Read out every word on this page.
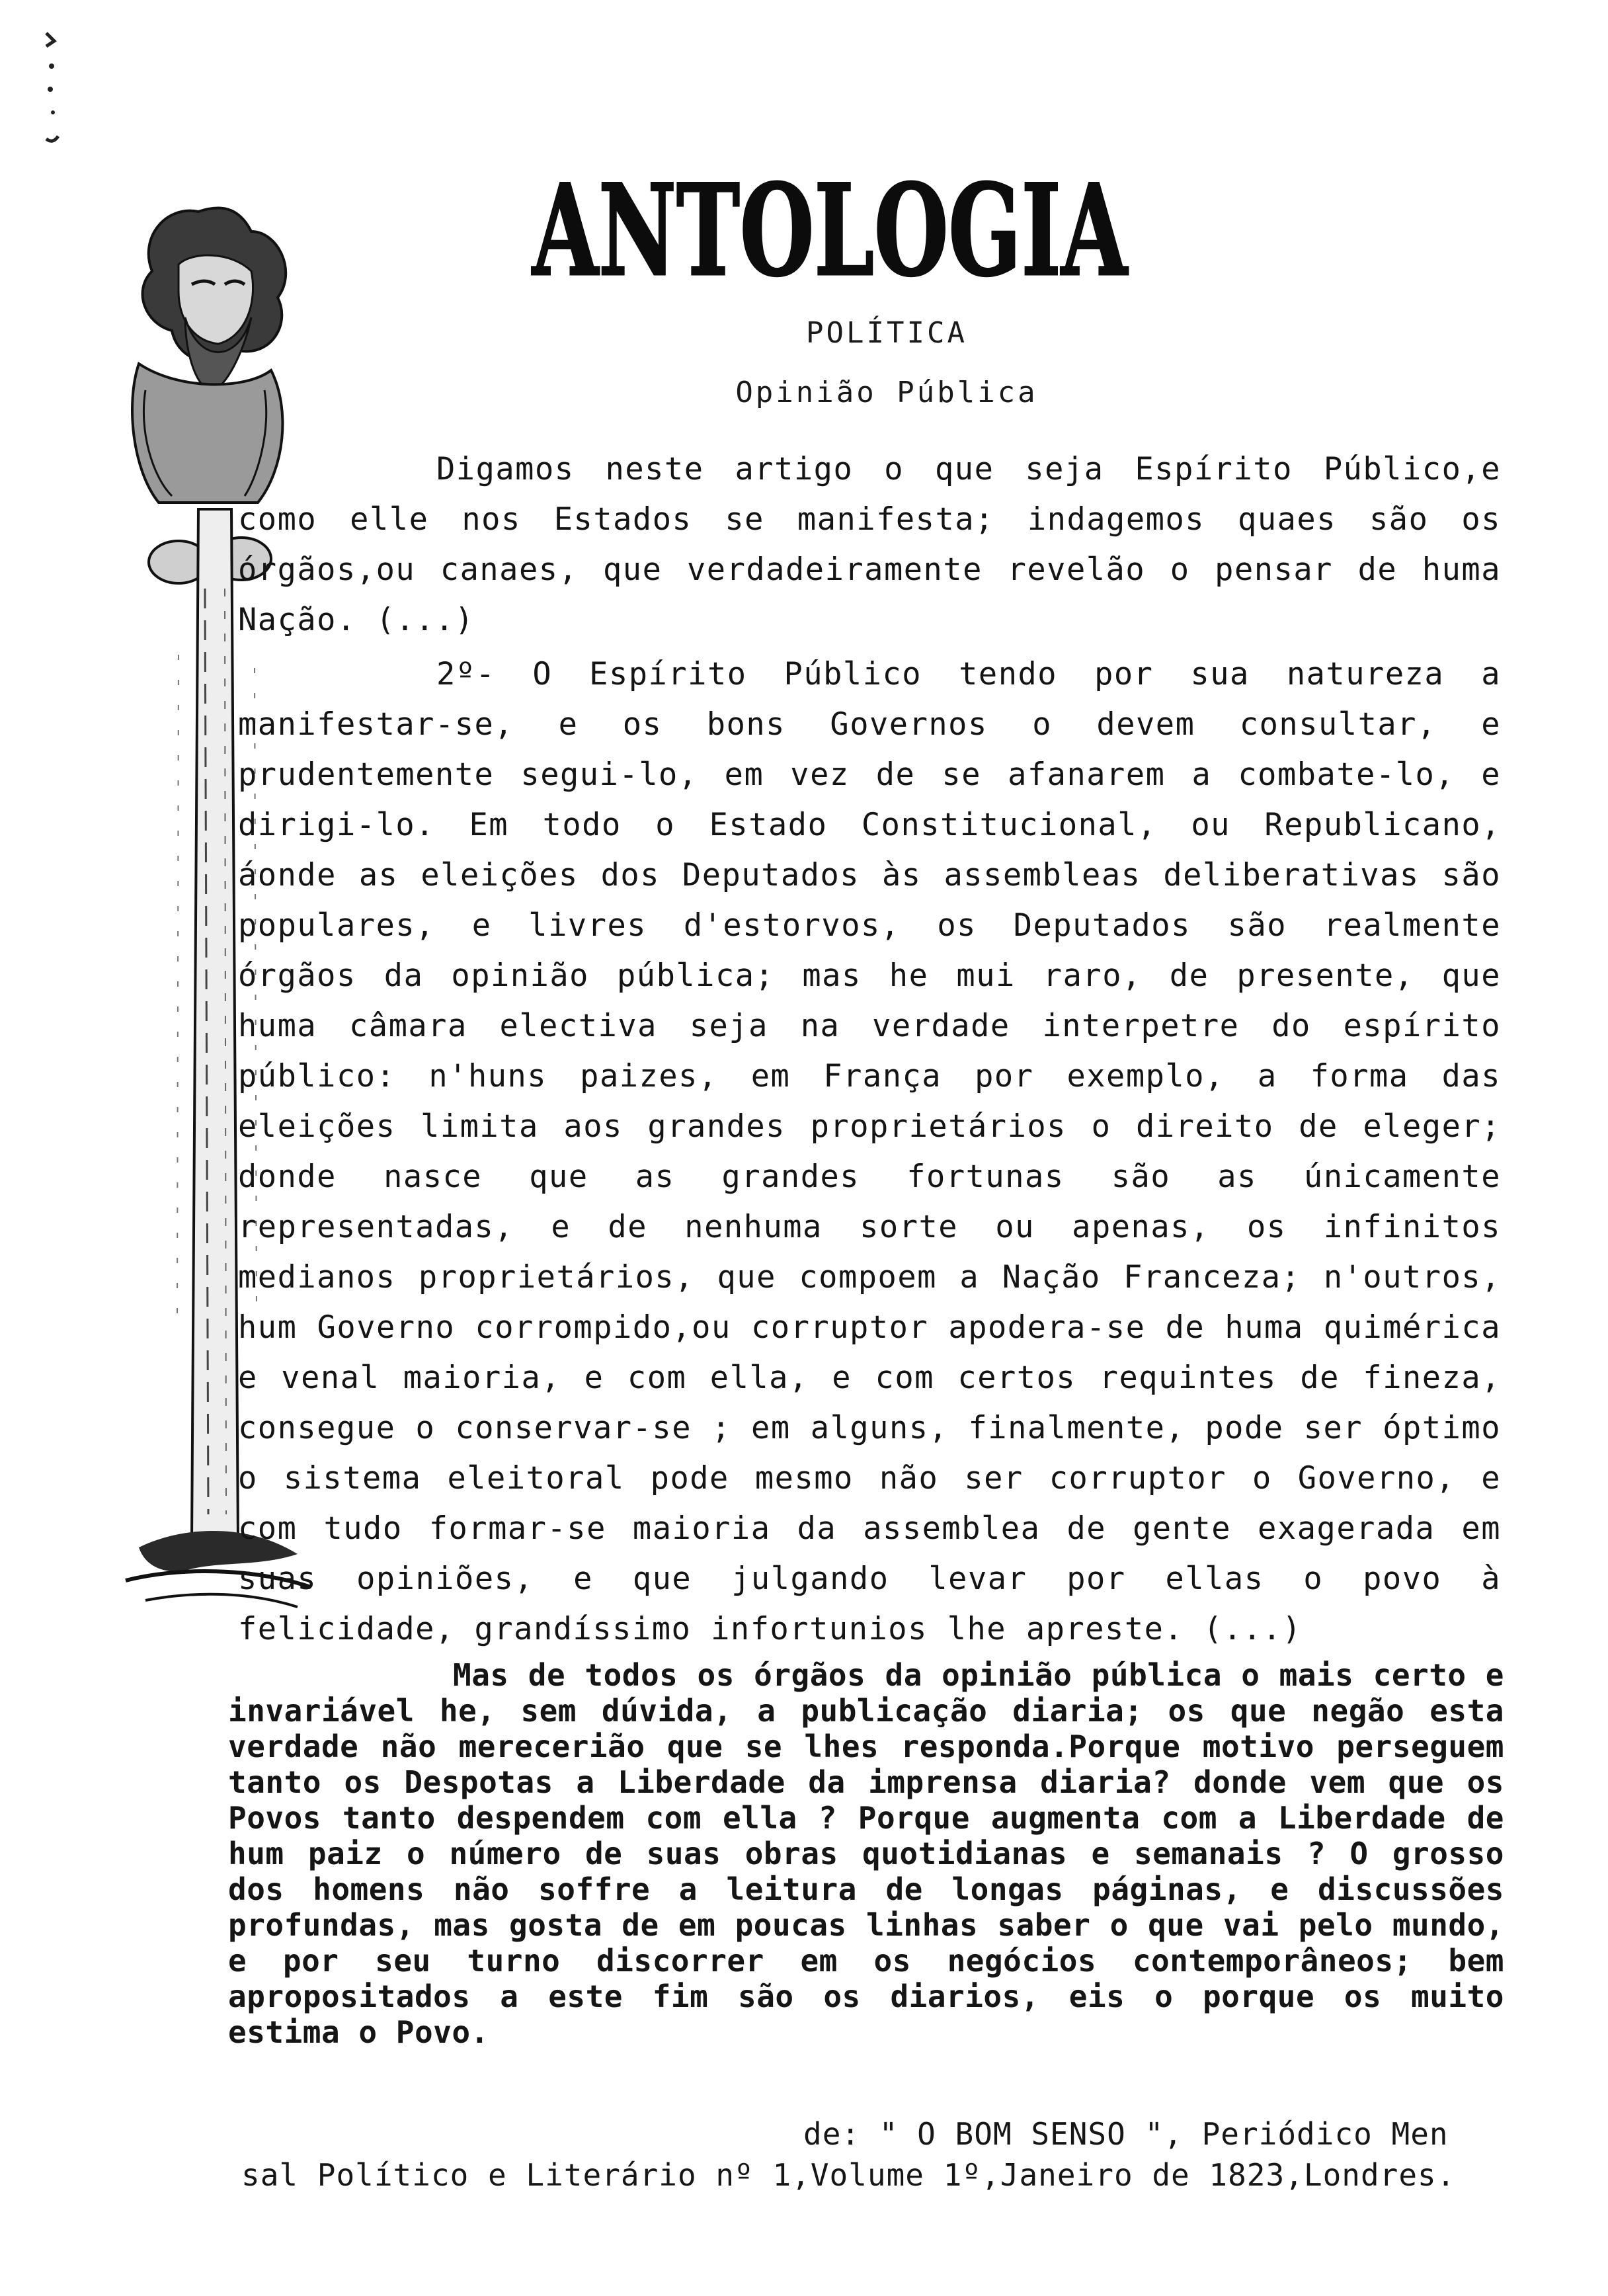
ANTOLOGIA
POLÍTICA
Opinião Pública

Digamos neste artigo o que seja Espírito Público,e como elle nos Estados se manifesta; indagemos quaes são os órgãos,ou canaes, que verdadeiramente revelão o pensar de huma Nação. (...)

2º- O Espírito Público tendo por sua natureza a manifestar-se, e os bons Governos o devem consultar, e prudentemente segui-lo, em vez de se afanarem a combate-lo, e dirigi-lo. Em todo o Estado Constitucional, ou Republicano, áonde as eleições dos Deputados às assembleas deliberativas são populares, e livres d'estorvos, os Deputados são realmente órgãos da opinião pública; mas he mui raro, de presente, que huma câmara electiva seja na verdade interpetre do espírito público: n'huns paizes, em França por exemplo, a forma das eleições limita aos grandes proprietários o direito de eleger; donde nasce que as grandes fortunas são as únicamente representadas, e de nenhuma sorte ou apenas, os infinitos medianos proprietários, que compoem a Nação Franceza; n'outros, hum Governo corrompido,ou corruptor apodera-se de huma quimérica e venal maioria, e com ella, e com certos requintes de fineza, consegue o conservar-se ; em alguns, finalmente, pode ser óptimo o sistema eleitoral pode mesmo não ser corruptor o Governo, e com tudo formar-se maioria da assemblea de gente exagerada em suas opiniões, e que julgando levar por ellas o povo à felicidade, grandíssimo infortunios lhe apreste. (...)

Mas de todos os órgãos da opinião pública o mais certo e invariável he, sem dúvida, a publicação diaria; os que negão esta verdade não merecerião que se lhes responda.Porque motivo perseguem tanto os Despotas a Liberdade da imprensa diaria? donde vem que os Povos tanto despendem com ella ? Porque augmenta com a Liberdade de hum paiz o número de suas obras quotidianas e semanais ? O grosso dos homens não soffre a leitura de longas páginas, e discussões profundas, mas gosta de em poucas linhas saber o que vai pelo mundo, e por seu turno discorrer em os negócios contemporâneos; bem apropositados a este fim são os diarios, eis o porque os muito estima o Povo.

de: " O BOM SENSO ", Periódico Men

sal Político e Literário nº 1,Volume 1º,Janeiro de 1823,Londres.
